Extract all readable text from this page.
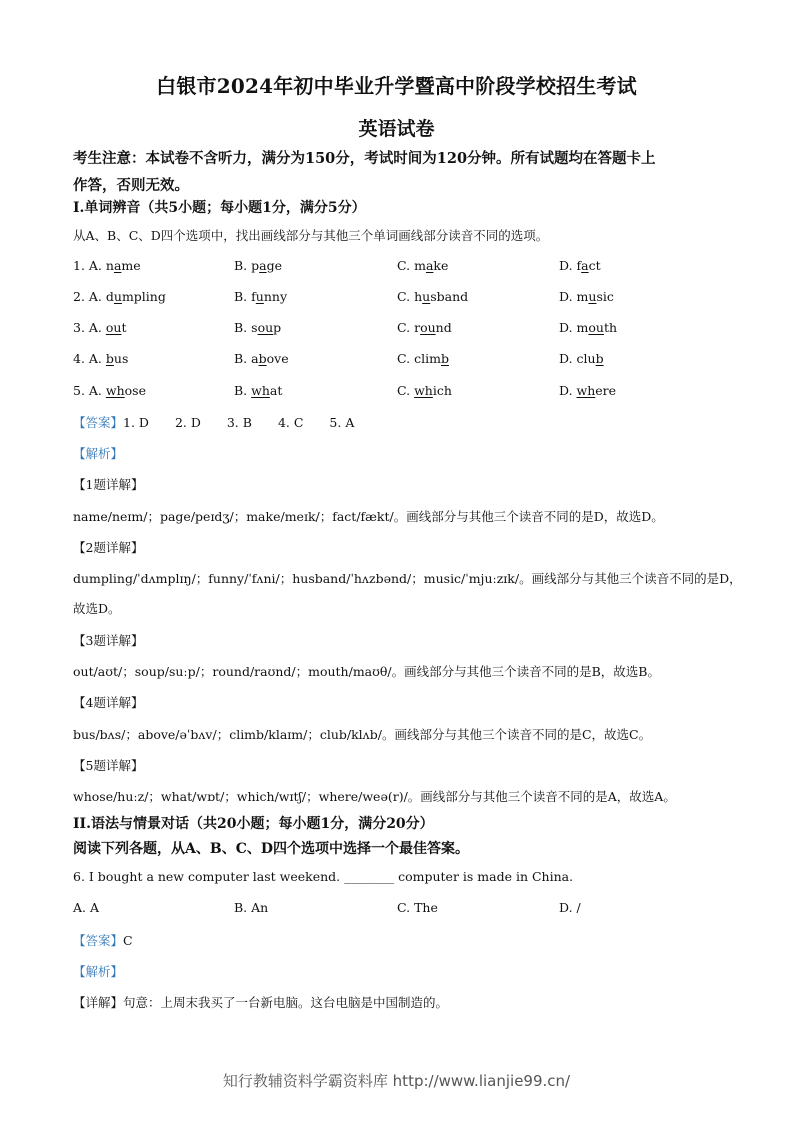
白银市2024年初中毕业升学暨高中阶段学校招生考试
英语试卷
考生注意：本试卷不含听力，满分为150分，考试时间为120分钟。所有试题均在答题卡上
作答，否则无效。
I.单词辨音（共5小题；每小题1分，满分5分）
从A、B、C、D四个选项中，找出画线部分与其他三个单词画线部分读音不同的选项。
1. A. name	B. page	C. make	D. fact
2. A. dumpling	B. funny	C. husband	D. music
3. A. out	B. soup	C. round	D. mouth
4. A. bus	B. above	C. climb	D. club
5. A. whose	B. what	C. which	D. where
【答案】1. D 2. D 3. B 4. C 5. A
【解析】
【1题详解】
name/neɪm/；page/peɪdʒ/；make/meɪk/；fact/fækt/。画线部分与其他三个读音不同的是D，故选D。
【2题详解】
dumpling/ˈdʌmplɪŋ/；funny/ˈfʌni/；husband/ˈhʌzbənd/；music/ˈmjuːzɪk/。画线部分与其他三个读音不同的是D，
故选D。
【3题详解】
out/aʊt/；soup/suːp/；round/raʊnd/；mouth/maʊθ/。画线部分与其他三个读音不同的是B，故选B。
【4题详解】
bus/bʌs/；above/əˈbʌv/；climb/klaɪm/；club/klʌb/。画线部分与其他三个读音不同的是C，故选C。
【5题详解】
whose/huːz/；what/wɒt/；which/wɪtʃ/；where/weə(r)/。画线部分与其他三个读音不同的是A，故选A。
II.语法与情景对话（共20小题；每小题1分，满分20分）
阅读下列各题，从A、B、C、D四个选项中选择一个最佳答案。
6. I bought a new computer last weekend. ________ computer is made in China.
A. A	B. An	C. The	D. /
【答案】C
【解析】
【详解】句意：上周末我买了一台新电脑。这台电脑是中国制造的。
知行教辅资料学霸资料库 http://www.lianjie99.cn/
